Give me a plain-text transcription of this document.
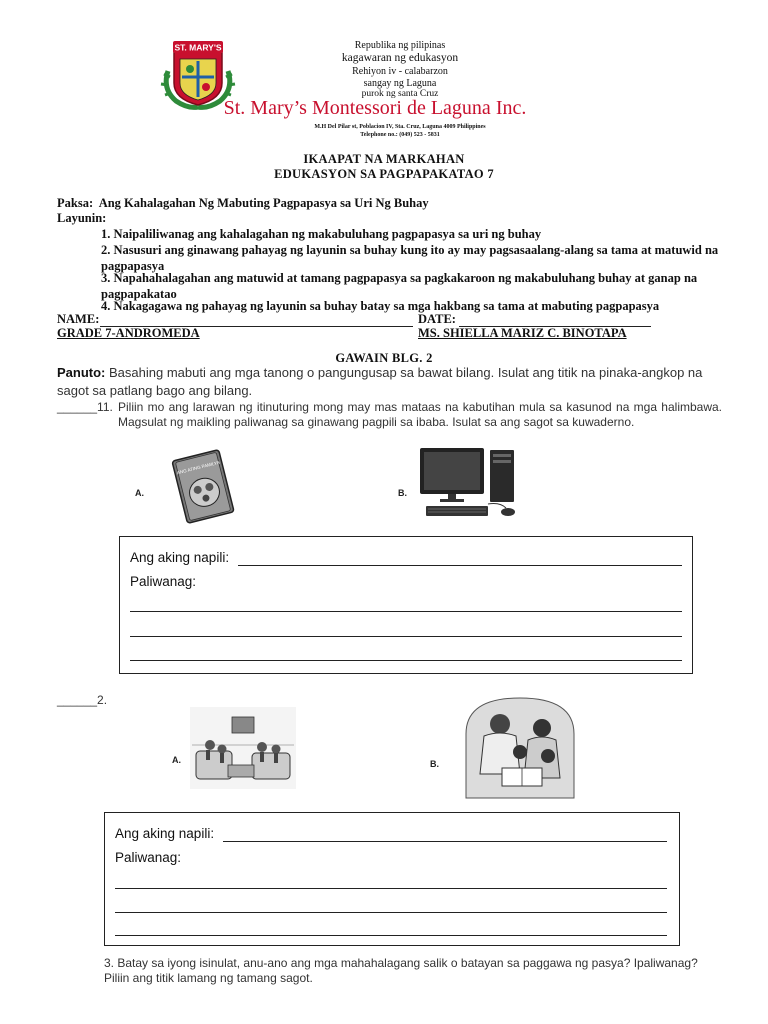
ST. MARY'S	Republika ng pilipinas
kagawaran ng edukasyon
Rehiyon iv - calabarzon
sangay ng Laguna
purok ng santa Cruz
St. Mary’s Montessori de Laguna Inc.
M.H Del Pilar st, Poblacion IV, Sta. Cruz, Laguna 4009 Philippines
Telephone no.: (049) 523 - 5831
IKAAPAT NA MARKAHAN
EDUKASYON SA PAGPAPAKATAO 7
Paksa: Ang Kahalagahan Ng Mabuting Pagpapasya sa Uri Ng Buhay
Layunin:
1. Naipaliliwanag ang kahalagahan ng makabuluhang pagpapasya sa uri ng buhay
2. Nasusuri ang ginawang pahayag ng layunin sa buhay kung ito ay may pagsasaalang-alang sa tama at matuwid na pagpapasya
3. Napahahalagahan ang matuwid at tamang pagpapasya sa pagkakaroon ng makabuluhang buhay at ganap na pagpapakatao
4. Nakagagawa ng pahayag ng layunin sa buhay batay sa mga hakbang sa tama at mabuting pagpapasya
NAME:	DATE:
GRADE 7-ANDROMEDA	MS. SHIELLA MARIZ C. BINOTAPA
GAWAIN BLG. 2
Panuto: Basahing mabuti ang mga tanong o pangungusap sa bawat bilang. Isulat ang titik na pinaka-angkop na sagot sa patlang bago ang bilang.
______11. Piliin mo ang larawan ng itinuturing mong may mas mataas na kabutihan mula sa kasunod na mga halimbawa. Magsulat ng maikling paliwanag sa ginawang pagpili sa ibaba. Isulat sa ang sagot sa kuwaderno.
A.
ANG ATING PAMILYA
B.
Ang aking napili:
Paliwanag:
______2.
A.	B.
Ang aking napili:
Paliwanag:
3. Batay sa iyong isinulat, anu-ano ang mga mahahalagang salik o batayan sa paggawa ng pasya? Ipaliwanag? Piliin ang titik lamang ng tamang sagot.
